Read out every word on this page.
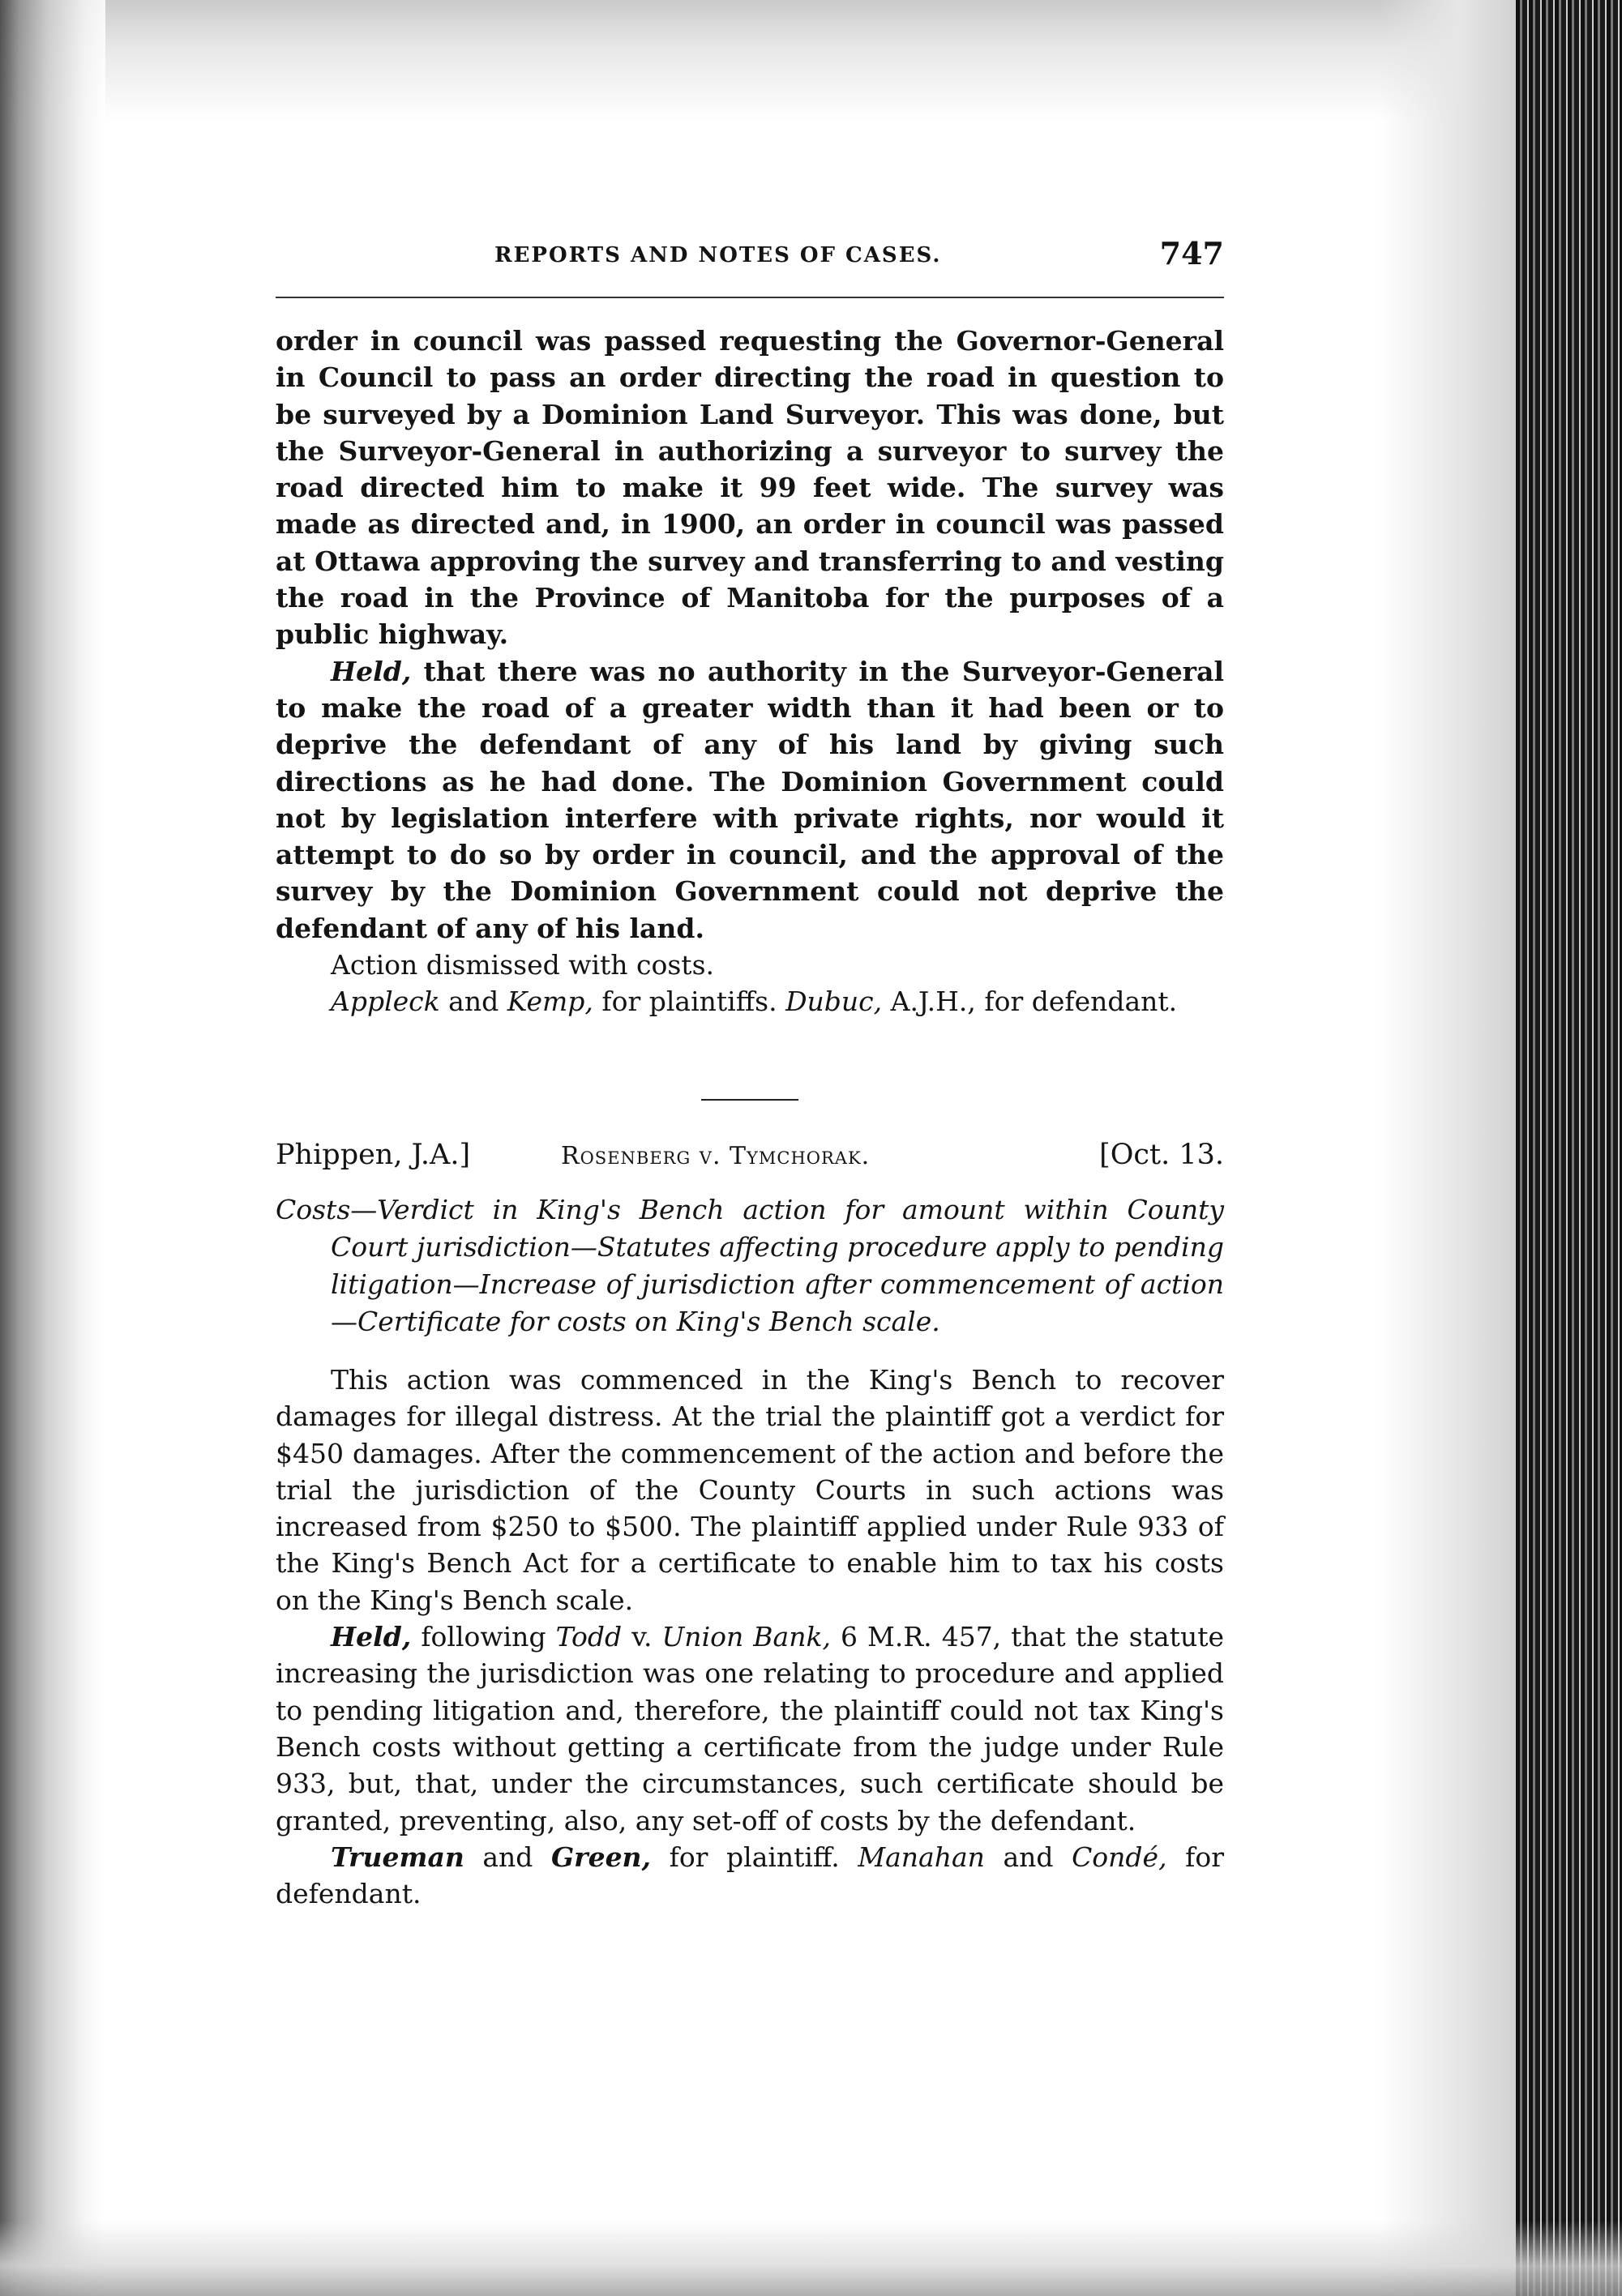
REPORTS AND NOTES OF CASES.	747

order in council was passed requesting the Governor-General in Council to pass an order directing the road in question to be surveyed by a Dominion Land Surveyor. This was done, but the Surveyor-General in authorizing a surveyor to survey the road directed him to make it 99 feet wide. The survey was made as directed and, in 1900, an order in council was passed at Ottawa approving the survey and transferring to and vesting the road in the Province of Manitoba for the purposes of a public highway.

Held, that there was no authority in the Surveyor-General to make the road of a greater width than it had been or to deprive the defendant of any of his land by giving such directions as he had done. The Dominion Government could not by legislation interfere with private rights, nor would it attempt to do so by order in council, and the approval of the survey by the Dominion Government could not deprive the defendant of any of his land.

Action dismissed with costs.

Appleck and Kemp, for plaintiffs. Dubuc, A.J.H., for defendant.

Phippen, J.A.]	Rosenberg v. Tymchorak.	[Oct. 13.

Costs—Verdict in King's Bench action for amount within County Court jurisdiction—Statutes affecting procedure apply to pending litigation—Increase of jurisdiction after commencement of action—Certificate for costs on King's Bench scale.

This action was commenced in the King's Bench to recover damages for illegal distress. At the trial the plaintiff got a verdict for $450 damages. After the commencement of the action and before the trial the jurisdiction of the County Courts in such actions was increased from $250 to $500. The plaintiff applied under Rule 933 of the King's Bench Act for a certificate to enable him to tax his costs on the King's Bench scale.

Held, following Todd v. Union Bank, 6 M.R. 457, that the statute increasing the jurisdiction was one relating to procedure and applied to pending litigation and, therefore, the plaintiff could not tax King's Bench costs without getting a certificate from the judge under Rule 933, but, that, under the circumstances, such certificate should be granted, preventing, also, any set-off of costs by the defendant.

Trueman and Green, for plaintiff. Manahan and Condé, for defendant.
